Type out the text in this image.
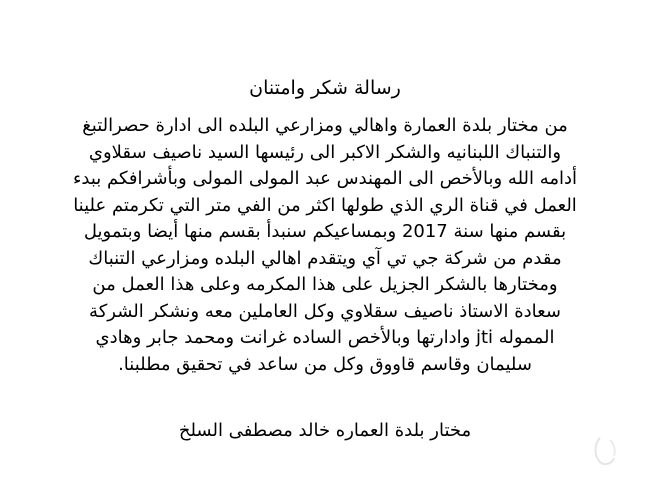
رسالة شكر وامتنان
من مختار بلدة العمارة واهالي ومزارعي البلده الى ادارة حصرالتبغ
والتنباك اللبنانيه والشكر الاكبر الى رئيسها السيد ناصيف سقلاوي
أدامه الله وبالأخص الى المهندس عبد المولى المولى وبأشرافكم ببدء
العمل في قناة الري الذي طولها اكثر من الفي متر التي تكرمتم علينا
بقسم منها سنة 2017 وبمساعيكم سنبدأ بقسم منها أيضا وبتمويل
مقدم من شركة جي تي آي ويتقدم اهالي البلده ومزارعي التنباك
ومختارها بالشكر الجزيل على هذا المكرمه وعلى هذا العمل من
سعادة الاستاذ ناصيف سقلاوي وكل العاملين معه ونشكر الشركة
المموله jti وادارتها وبالأخص الساده غرانت ومحمد جابر وهادي
سليمان وقاسم قاووق وكل من ساعد في تحقيق مطلبنا.
مختار بلدة العماره خالد مصطفى السلخ
